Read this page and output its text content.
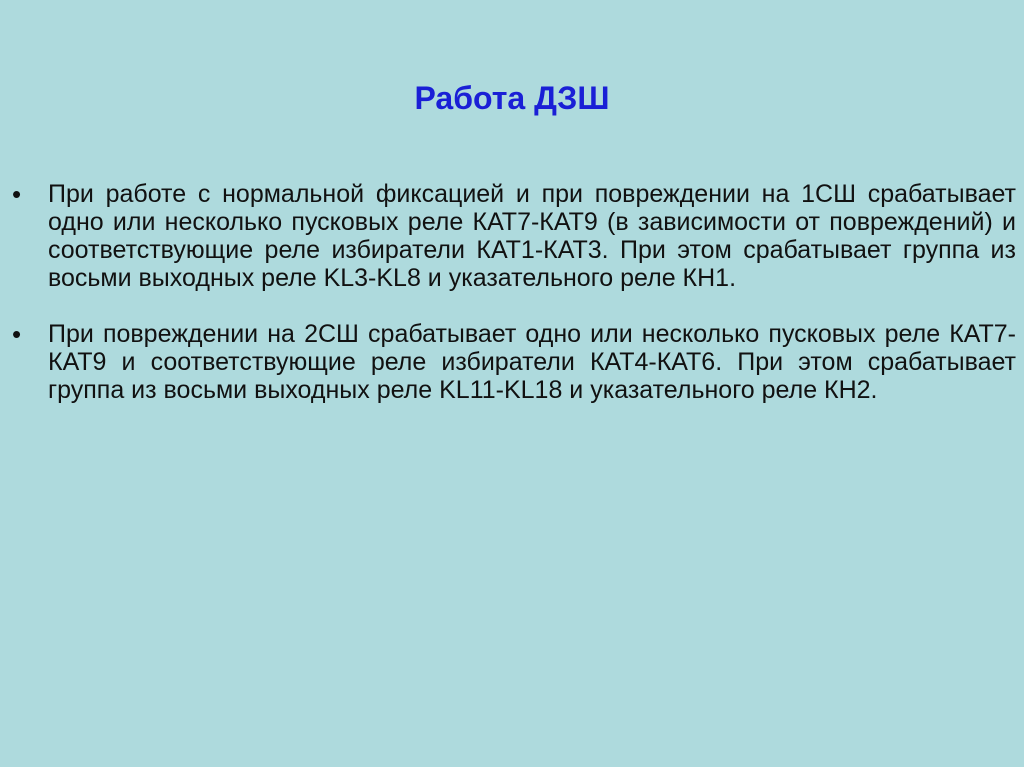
Работа ДЗШ
• При работе с нормальной фиксацией и при повреждении на 1СШ срабатывает одно или несколько пусковых реле КАТ7-КАТ9 (в зависимости от повреждений) и соответствующие реле избиратели КАТ1-КАТ3. При этом срабатывает группа из восьми выходных реле KL3-KL8 и указательного реле КН1.
• При повреждении на 2СШ срабатывает одно или несколько пусковых реле КАТ7-КАТ9 и соответствующие реле избиратели КАТ4-КАТ6. При этом срабатывает группа из восьми выходных реле KL11-KL18 и указательного реле КН2.
